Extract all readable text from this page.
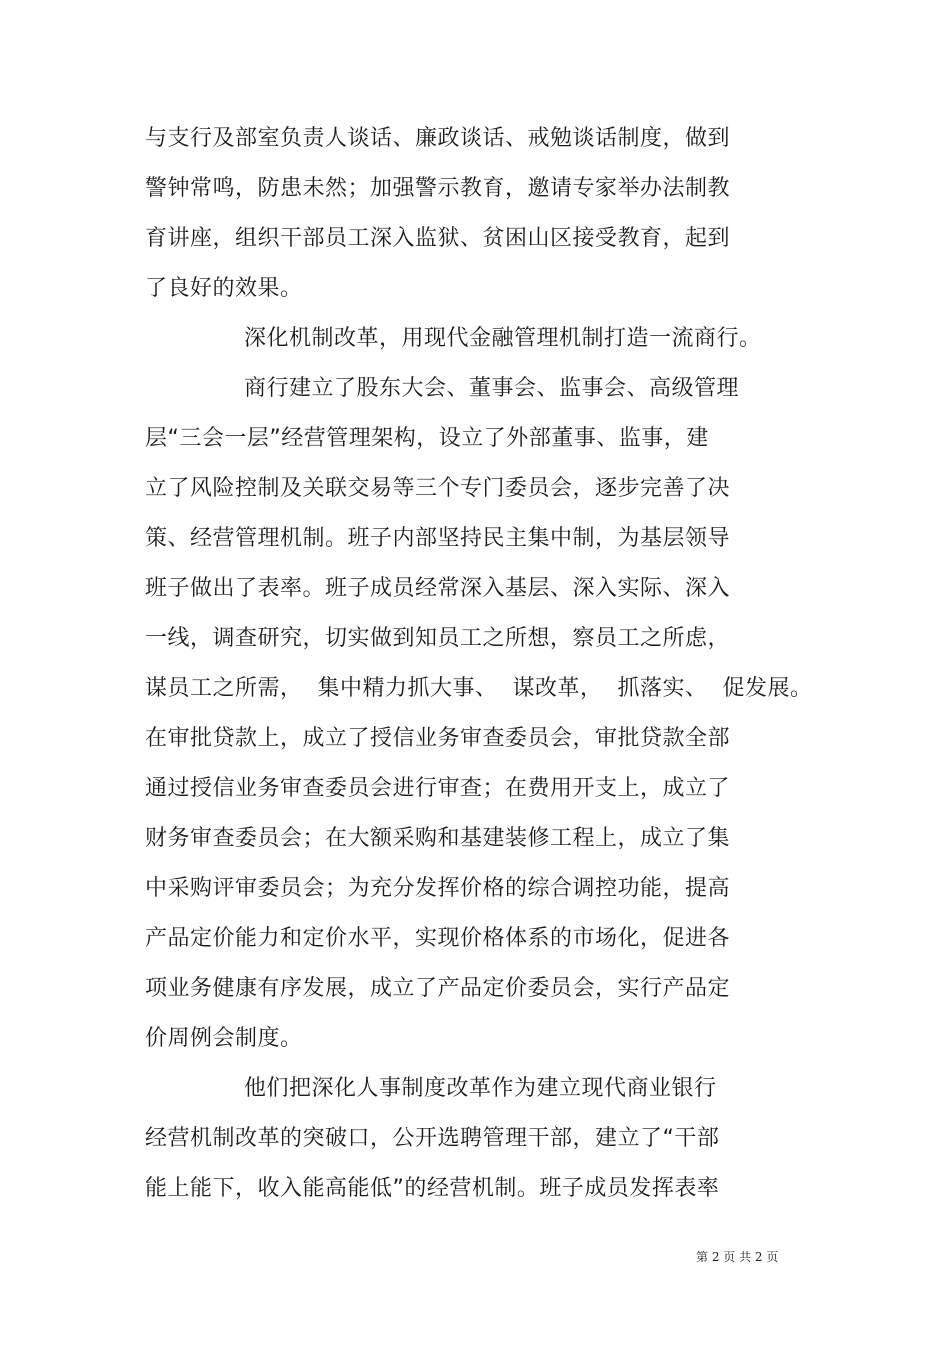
与支行及部室负责人谈话、廉政谈话、戒勉谈话制度，做到
警钟常鸣，防患未然；加强警示教育，邀请专家举办法制教
育讲座，组织干部员工深入监狱、贫困山区接受教育，起到
了良好的效果。
深化机制改革，用现代金融管理机制打造一流商行。
商行建立了股东大会、董事会、监事会、高级管理
层“三会一层”经营管理架构，设立了外部董事、监事，建
立了风险控制及关联交易等三个专门委员会，逐步完善了决
策、经营管理机制。班子内部坚持民主集中制，为基层领导
班子做出了表率。班子成员经常深入基层、深入实际、深入
一线，调查研究，切实做到知员工之所想，察员工之所虑，
谋员工之所需，  集中精力抓大事、  谋改革，  抓落实、  促发展。
在审批贷款上，成立了授信业务审查委员会，审批贷款全部
通过授信业务审查委员会进行审查；在费用开支上，成立了
财务审查委员会；在大额采购和基建装修工程上，成立了集
中采购评审委员会；为充分发挥价格的综合调控功能，提高
产品定价能力和定价水平，实现价格体系的市场化，促进各
项业务健康有序发展，成立了产品定价委员会，实行产品定
价周例会制度。
他们把深化人事制度改革作为建立现代商业银行
经营机制改革的突破口，公开选聘管理干部，建立了“干部
能上能下，收入能高能低”的经营机制。班子成员发挥表率
第 2 页 共 2 页
